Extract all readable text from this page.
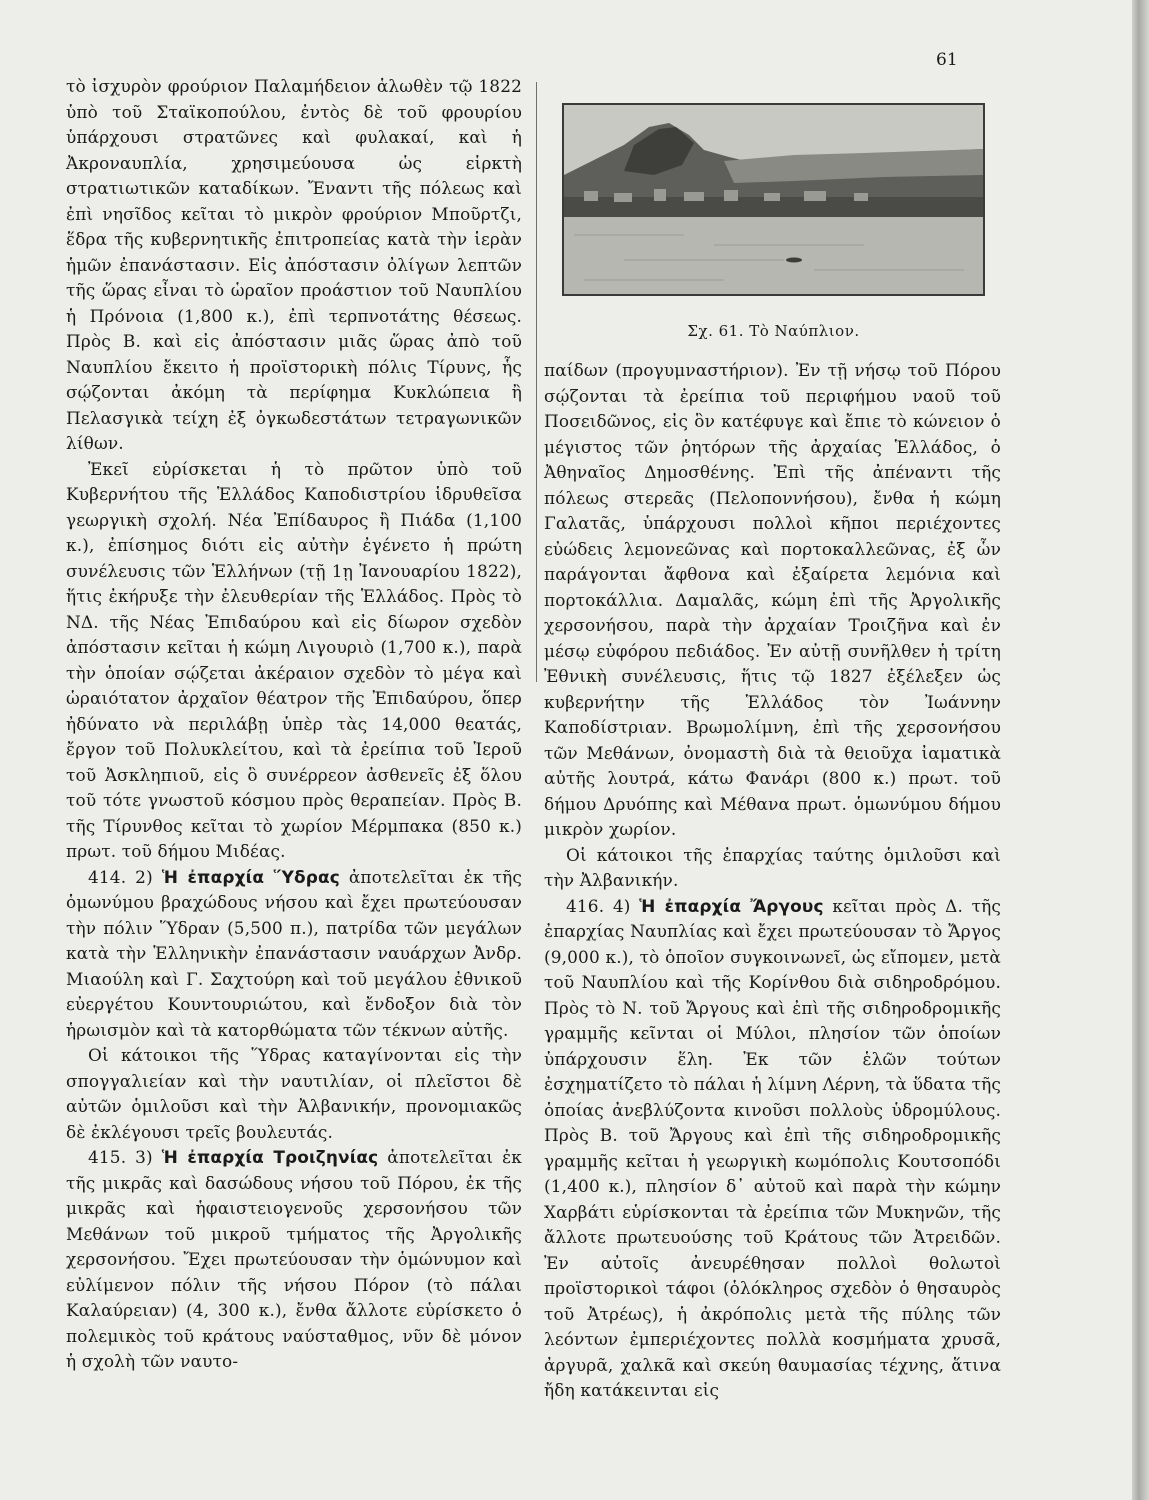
61

τὸ ἰσχυρὸν φρούριον Παλαμήδειον ἁλωθὲν τῷ 1822 ὑπὸ τοῦ Σταϊκοπούλου, ἐντὸς δὲ τοῦ φρουρίου ὑπάρχουσι στρατῶνες καὶ φυλακαί, καὶ ἡ Ἀκροναυπλία, χρησιμεύουσα ὡς εἱρκτὴ στρατιωτικῶν καταδίκων. Ἔναντι τῆς πόλεως καὶ ἐπὶ νησῖδος κεῖται τὸ μικρὸν φρούριον Μποῦρτζι, ἕδρα τῆς κυβερνητικῆς ἐπιτροπείας κατὰ τὴν ἱερὰν ἡμῶν ἐπανάστασιν. Εἰς ἀπόστασιν ὀλίγων λεπτῶν τῆς ὥρας εἶναι τὸ ὡραῖον προάστιον τοῦ Ναυπλίου ἡ Πρόνοια (1,800 κ.), ἐπὶ τερπνοτάτης θέσεως. Πρὸς Β. καὶ εἰς ἀπόστασιν μιᾶς ὥρας ἀπὸ τοῦ Ναυπλίου ἔκειτο ἡ προϊστορικὴ πόλις Τίρυνς, ἧς σῴζονται ἀκόμη τὰ περίφημα Κυκλώπεια ἢ Πελασγικὰ τείχη ἐξ ὀγκωδεστάτων τετραγωνικῶν λίθων.

Ἐκεῖ εὑρίσκεται ἡ τὸ πρῶτον ὑπὸ τοῦ Κυβερνήτου τῆς Ἑλλάδος Καποδιστρίου ἱδρυθεῖσα γεωργικὴ σχολή. Νέα Ἐπίδαυρος ἢ Πιάδα (1,100 κ.), ἐπίσημος διότι εἰς αὐτὴν ἐγένετο ἡ πρώτη συνέλευσις τῶν Ἑλλήνων (τῇ 1ῃ Ἰανουαρίου 1822), ἥτις ἐκήρυξε τὴν ἐλευθερίαν τῆς Ἑλλάδος. Πρὸς τὸ ΝΔ. τῆς Νέας Ἐπιδαύρου καὶ εἰς δίωρον σχεδὸν ἀπόστασιν κεῖται ἡ κώμη Λιγουριὸ (1,700 κ.), παρὰ τὴν ὁποίαν σῴζεται ἀκέραιον σχεδὸν τὸ μέγα καὶ ὡραιότατον ἀρχαῖον θέατρον τῆς Ἐπιδαύρου, ὅπερ ἠδύνατο νὰ περιλάβῃ ὑπὲρ τὰς 14,000 θεατάς, ἔργον τοῦ Πολυκλείτου, καὶ τὰ ἐρείπια τοῦ Ἱεροῦ τοῦ Ἀσκληπιοῦ, εἰς ὃ συνέρρεον ἀσθενεῖς ἐξ ὅλου τοῦ τότε γνωστοῦ κόσμου πρὸς θεραπείαν. Πρὸς Β. τῆς Τίρυνθος κεῖται τὸ χωρίον Μέρμπακα (850 κ.) πρωτ. τοῦ δήμου Μιδέας.

414. 2) Ἡ ἐπαρχία Ὕδρας ἀποτελεῖται ἐκ τῆς ὁμωνύμου βραχώδους νήσου καὶ ἔχει πρωτεύουσαν τὴν πόλιν Ὕδραν (5,500 π.), πατρίδα τῶν μεγάλων κατὰ τὴν Ἑλληνικὴν ἐπανάστασιν ναυάρχων Ἀνδρ. Μιαούλη καὶ Γ. Σαχτούρη καὶ τοῦ μεγάλου ἐθνικοῦ εὐεργέτου Κουντουριώτου, καὶ ἔνδοξον διὰ τὸν ἡρωισμὸν καὶ τὰ κατορθώματα τῶν τέκνων αὐτῆς.

Οἱ κάτοικοι τῆς Ὕδρας καταγίνονται εἰς τὴν σπογγαλιείαν καὶ τὴν ναυτιλίαν, οἱ πλεῖστοι δὲ αὐτῶν ὁμιλοῦσι καὶ τὴν Ἀλβανικήν, προνομιακῶς δὲ ἐκλέγουσι τρεῖς βουλευτάς.

415. 3) Ἡ ἐπαρχία Τροιζηνίας ἀποτελεῖται ἐκ τῆς μικρᾶς καὶ δασώδους νήσου τοῦ Πόρου, ἐκ τῆς μικρᾶς καὶ ἡφαιστειογενοῦς χερσονήσου τῶν Μεθάνων τοῦ μικροῦ τμήματος τῆς Ἀργολικῆς χερσονήσου. Ἔχει πρωτεύουσαν τὴν ὁμώνυμον καὶ εὐλίμενον πόλιν τῆς νήσου Πόρον (τὸ πάλαι Καλαύρειαν) (4, 300 κ.), ἔνθα ἄλλοτε εὑρίσκετο ὁ πολεμικὸς τοῦ κράτους ναύσταθμος, νῦν δὲ μόνον ἡ σχολὴ τῶν ναυτο-

Σχ. 61. Τὸ Ναύπλιον.

παίδων (προγυμναστήριον). Ἐν τῇ νήσῳ τοῦ Πόρου σῴζονται τὰ ἐρείπια τοῦ περιφήμου ναοῦ τοῦ Ποσειδῶνος, εἰς ὃν κατέφυγε καὶ ἔπιε τὸ κώνειον ὁ μέγιστος τῶν ῥητόρων τῆς ἀρχαίας Ἑλλάδος, ὁ Ἀθηναῖος Δημοσθένης. Ἐπὶ τῆς ἀπέναντι τῆς πόλεως στερεᾶς (Πελοποννήσου), ἔνθα ἡ κώμη Γαλατᾶς, ὑπάρχουσι πολλοὶ κῆποι περιέχοντες εὐώδεις λεμονεῶνας καὶ πορτοκαλλεῶνας, ἐξ ὧν παράγονται ἄφθονα καὶ ἐξαίρετα λεμόνια καὶ πορτοκάλλια. Δαμαλᾶς, κώμη ἐπὶ τῆς Ἀργολικῆς χερσονήσου, παρὰ τὴν ἀρχαίαν Τροιζῆνα καὶ ἐν μέσῳ εὐφόρου πεδιάδος. Ἐν αὐτῇ συνῆλθεν ἡ τρίτη Ἐθνικὴ συνέλευσις, ἥτις τῷ 1827 ἐξέλεξεν ὡς κυβερνήτην τῆς Ἑλλάδος τὸν Ἰωάννην Καποδίστριαν. Βρωμολίμνη, ἐπὶ τῆς χερσονήσου τῶν Μεθάνων, ὀνομαστὴ διὰ τὰ θειοῦχα ἰαματικὰ αὐτῆς λουτρά, κάτω Φανάρι (800 κ.) πρωτ. τοῦ δήμου Δρυόπης καὶ Μέθανα πρωτ. ὁμωνύμου δήμου μικρὸν χωρίον.

Οἱ κάτοικοι τῆς ἐπαρχίας ταύτης ὁμιλοῦσι καὶ τὴν Ἀλβανικήν.

416. 4) Ἡ ἐπαρχία Ἄργους κεῖται πρὸς Δ. τῆς ἐπαρχίας Ναυπλίας καὶ ἔχει πρωτεύουσαν τὸ Ἄργος (9,000 κ.), τὸ ὁποῖον συγκοινωνεῖ, ὡς εἴπομεν, μετὰ τοῦ Ναυπλίου καὶ τῆς Κορίνθου διὰ σιδηροδρόμου. Πρὸς τὸ Ν. τοῦ Ἄργους καὶ ἐπὶ τῆς σιδηροδρομικῆς γραμμῆς κεῖνται οἱ Μύλοι, πλησίον τῶν ὁποίων ὑπάρχουσιν ἕλη. Ἐκ τῶν ἑλῶν τούτων ἐσχηματίζετο τὸ πάλαι ἡ λίμνη Λέρνη, τὰ ὕδατα τῆς ὁποίας ἀνεβλύζοντα κινοῦσι πολλοὺς ὑδρομύλους. Πρὸς Β. τοῦ Ἄργους καὶ ἐπὶ τῆς σιδηροδρομικῆς γραμμῆς κεῖται ἡ γεωργικὴ κωμόπολις Κουτσοπόδι (1,400 κ.), πλησίον δ᾽ αὐτοῦ καὶ παρὰ τὴν κώμην Χαρβάτι εὑρίσκονται τὰ ἐρείπια τῶν Μυκηνῶν, τῆς ἄλλοτε πρωτευούσης τοῦ Κράτους τῶν Ἀτρειδῶν. Ἐν αὐτοῖς ἀνευρέθησαν πολλοὶ θολωτοὶ προϊστορικοὶ τάφοι (ὁλόκληρος σχεδὸν ὁ θησαυρὸς τοῦ Ἀτρέως), ἡ ἀκρόπολις μετὰ τῆς πύλης τῶν λεόντων ἐμπεριέχοντες πολλὰ κοσμήματα χρυσᾶ, ἀργυρᾶ, χαλκᾶ καὶ σκεύη θαυμασίας τέχνης, ἅτινα ἤδη κατάκεινται εἰς
